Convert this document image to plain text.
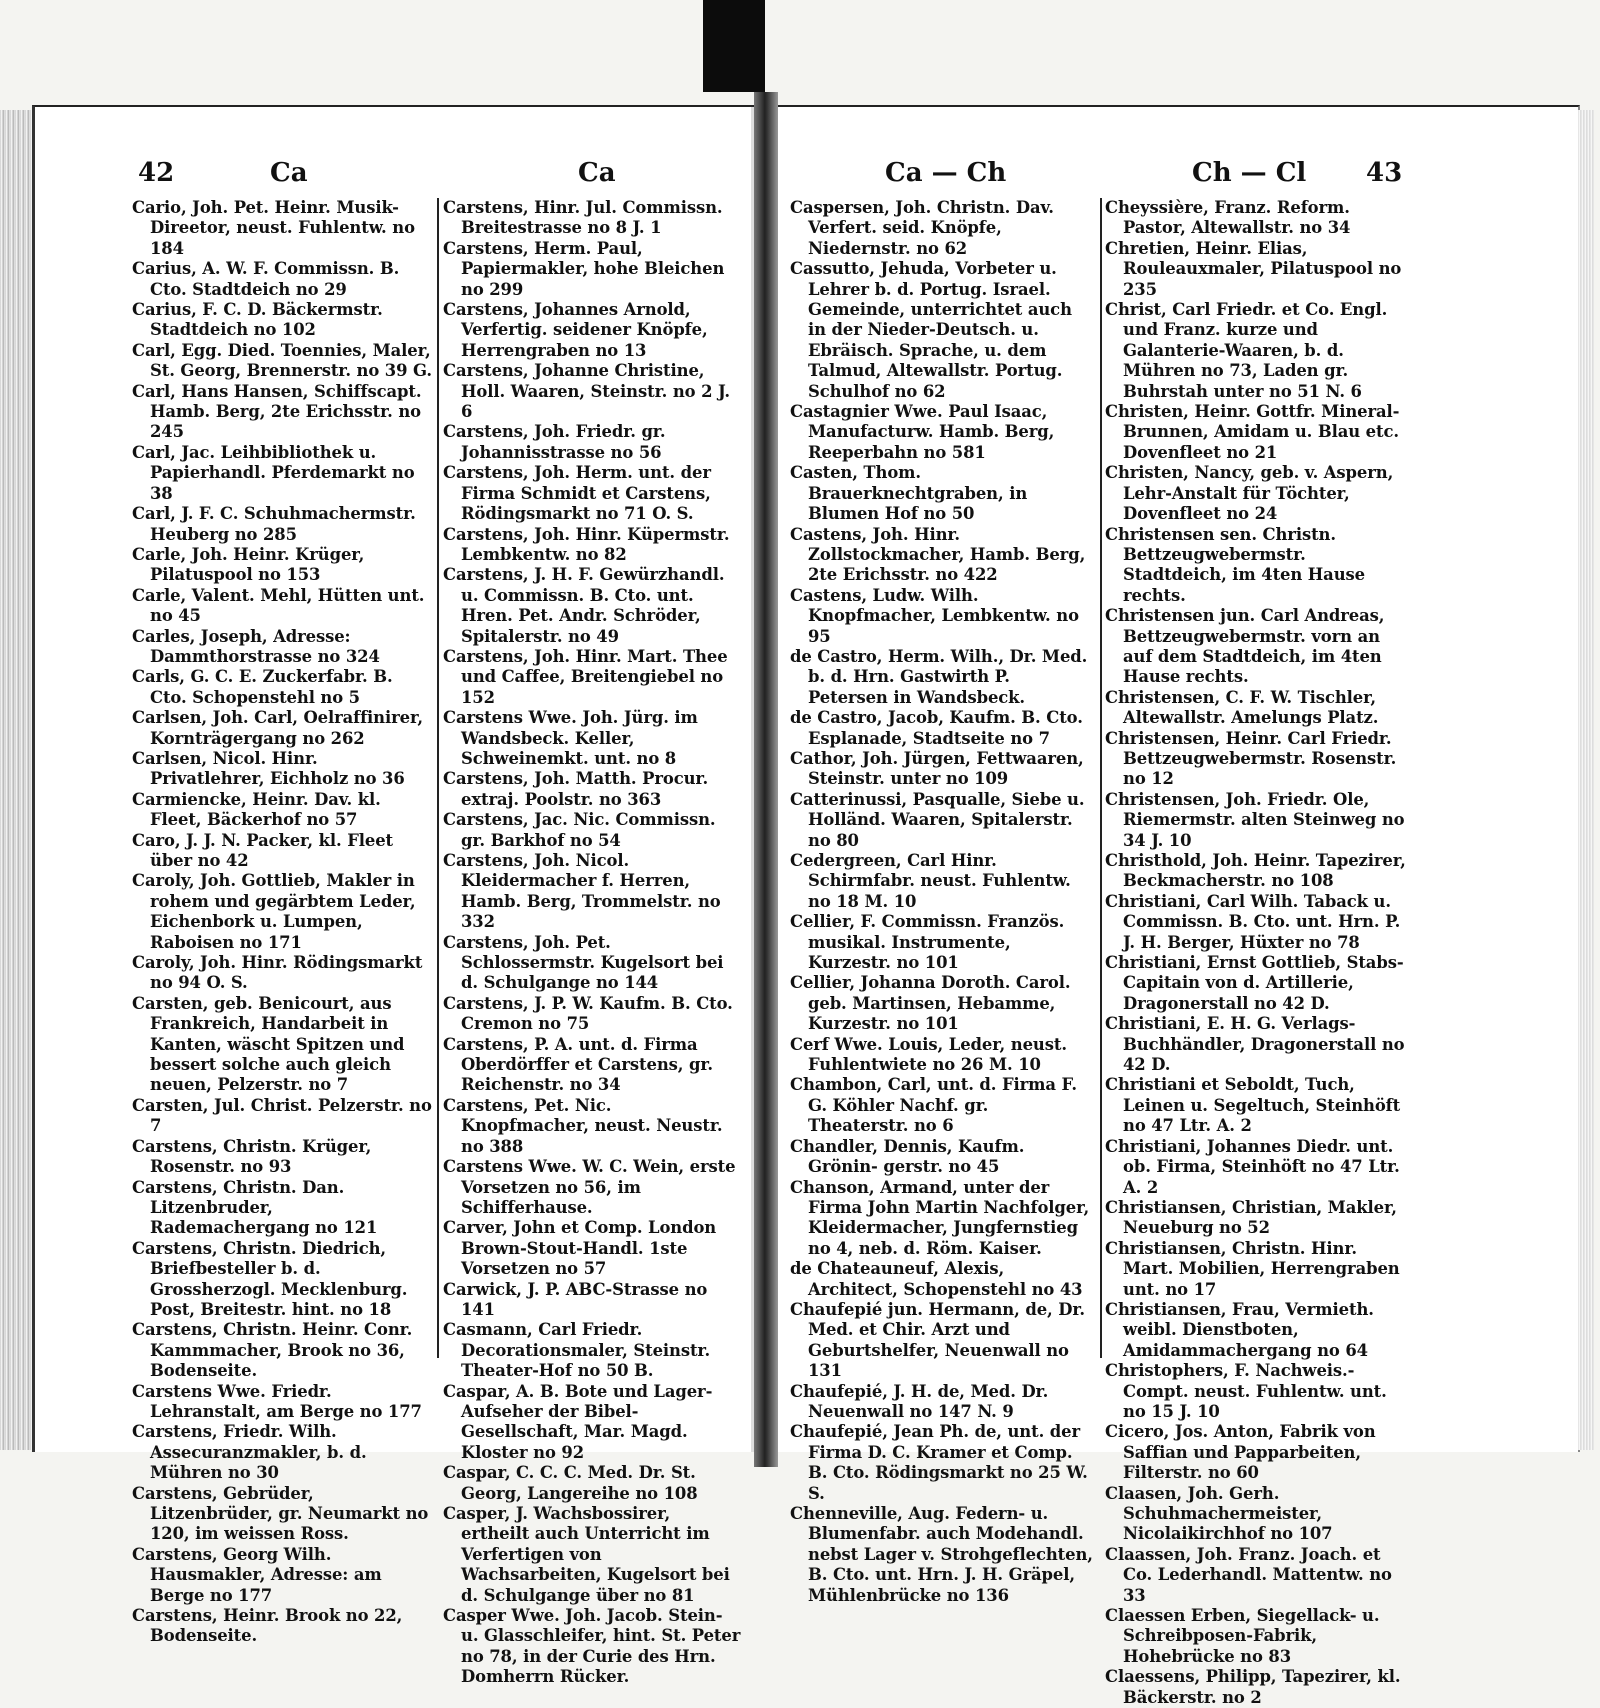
42	Ca	Ca	Ca — Ch	Ch — Cl 43

Cario, Joh. Pet. Heinr. Musik-Direetor, neust. Fuhlentw. no 184

Carius, A. W. F. Commissn. B. Cto. Stadtdeich no 29

Carius, F. C. D. Bäckermstr. Stadtdeich no 102

Carl, Egg. Died. Toennies, Maler, St. Georg, Brennerstr. no 39 G.

Carl, Hans Hansen, Schiffscapt. Hamb. Berg, 2te Erichsstr. no 245

Carl, Jac. Leihbibliothek u. Papierhandl. Pferdemarkt no 38

Carl, J. F. C. Schuhmachermstr. Heuberg no 285

Carle, Joh. Heinr. Krüger, Pilatuspool no 153

Carle, Valent. Mehl, Hütten unt. no 45

Carles, Joseph, Adresse: Dammthorstrasse no 324

Carls, G. C. E. Zuckerfabr. B. Cto. Schopenstehl no 5

Carlsen, Joh. Carl, Oelraffinirer, Kornträgergang no 262

Carlsen, Nicol. Hinr. Privatlehrer, Eichholz no 36

Carmiencke, Heinr. Dav. kl. Fleet, Bäckerhof no 57

Caro, J. J. N. Packer, kl. Fleet über no 42

Caroly, Joh. Gottlieb, Makler in rohem und gegärbtem Leder, Eichenbork u. Lumpen, Raboisen no 171

Caroly, Joh. Hinr. Rödingsmarkt no 94 O. S.

Carsten, geb. Benicourt, aus Frankreich, Handarbeit in Kanten, wäscht Spitzen und bessert solche auch gleich neuen, Pelzerstr. no 7

Carsten, Jul. Christ. Pelzerstr. no 7

Carstens, Christn. Krüger, Rosenstr. no 93

Carstens, Christn. Dan. Litzenbruder, Rademachergang no 121

Carstens, Christn. Diedrich, Briefbesteller b. d. Grossherzogl. Mecklenburg. Post, Breitestr. hint. no 18

Carstens, Christn. Heinr. Conr. Kammmacher, Brook no 36, Bodenseite.

Carstens Wwe. Friedr. Lehranstalt, am Berge no 177

Carstens, Friedr. Wilh. Assecuranzmakler, b. d. Mühren no 30

Carstens, Gebrüder, Litzenbrüder, gr. Neumarkt no 120, im weissen Ross.

Carstens, Georg Wilh. Hausmakler, Adresse: am Berge no 177

Carstens, Heinr. Brook no 22, Bodenseite.

Carstens, Hinr. Jul. Commissn. Breitestrasse no 8 J. 1

Carstens, Herm. Paul, Papiermakler, hohe Bleichen no 299

Carstens, Johannes Arnold, Verfertig. seidener Knöpfe, Herrengraben no 13

Carstens, Johanne Christine, Holl. Waaren, Steinstr. no 2 J. 6

Carstens, Joh. Friedr. gr. Johannisstrasse no 56

Carstens, Joh. Herm. unt. der Firma Schmidt et Carstens, Rödingsmarkt no 71 O. S.

Carstens, Joh. Hinr. Küpermstr. Lembkentw. no 82

Carstens, J. H. F. Gewürzhandl. u. Commissn. B. Cto. unt. Hren. Pet. Andr. Schröder, Spitalerstr. no 49

Carstens, Joh. Hinr. Mart. Thee und Caffee, Breitengiebel no 152

Carstens Wwe. Joh. Jürg. im Wandsbeck. Keller, Schweinemkt. unt. no 8

Carstens, Joh. Matth. Procur. extraj. Poolstr. no 363

Carstens, Jac. Nic. Commissn. gr. Barkhof no 54

Carstens, Joh. Nicol. Kleidermacher f. Herren, Hamb. Berg, Trommelstr. no 332

Carstens, Joh. Pet. Schlossermstr. Kugelsort bei d. Schulgange no 144

Carstens, J. P. W. Kaufm. B. Cto. Cremon no 75

Carstens, P. A. unt. d. Firma Oberdörffer et Carstens, gr. Reichenstr. no 34

Carstens, Pet. Nic. Knopfmacher, neust. Neustr. no 388

Carstens Wwe. W. C. Wein, erste Vorsetzen no 56, im Schifferhause.

Carver, John et Comp. London Brown-Stout-Handl. 1ste Vorsetzen no 57

Carwick, J. P. ABC-Strasse no 141

Casmann, Carl Friedr. Decorationsmaler, Steinstr. Theater-Hof no 50 B.

Caspar, A. B. Bote und Lager-Aufseher der Bibel-Gesellschaft, Mar. Magd. Kloster no 92

Caspar, C. C. C. Med. Dr. St. Georg, Langereihe no 108

Casper, J. Wachsbossirer, ertheilt auch Unterricht im Verfertigen von Wachsarbeiten, Kugelsort bei d. Schulgange über no 81

Casper Wwe. Joh. Jacob. Stein- u. Glasschleifer, hint. St. Peter no 78, in der Curie des Hrn. Domherrn Rücker.

Caspersen, Joh. Christn. Dav. Verfert. seid. Knöpfe, Niedernstr. no 62

Cassutto, Jehuda, Vorbeter u. Lehrer b. d. Portug. Israel. Gemeinde, unterrichtet auch in der Nieder-Deutsch. u. Ebräisch. Sprache, u. dem Talmud, Altewallstr. Portug. Schulhof no 62

Castagnier Wwe. Paul Isaac, Manufacturw. Hamb. Berg, Reeperbahn no 581

Casten, Thom. Brauerknechtgraben, in Blumen Hof no 50

Castens, Joh. Hinr. Zollstockmacher, Hamb. Berg, 2te Erichsstr. no 422

Castens, Ludw. Wilh. Knopfmacher, Lembkentw. no 95

de Castro, Herm. Wilh., Dr. Med. b. d. Hrn. Gastwirth P. Petersen in Wandsbeck.

de Castro, Jacob, Kaufm. B. Cto. Esplanade, Stadtseite no 7

Cathor, Joh. Jürgen, Fettwaaren, Steinstr. unter no 109

Catterinussi, Pasqualle, Siebe u. Holländ. Waaren, Spitalerstr. no 80

Cedergreen, Carl Hinr. Schirmfabr. neust. Fuhlentw. no 18 M. 10

Cellier, F. Commissn. Französ. musikal. Instrumente, Kurzestr. no 101

Cellier, Johanna Doroth. Carol. geb. Martinsen, Hebamme, Kurzestr. no 101

Cerf Wwe. Louis, Leder, neust. Fuhlentwiete no 26 M. 10

Chambon, Carl, unt. d. Firma F. G. Köhler Nachf. gr. Theaterstr. no 6

Chandler, Dennis, Kaufm. Grönin- gerstr. no 45

Chanson, Armand, unter der Firma John Martin Nachfolger, Kleidermacher, Jungfernstieg no 4, neb. d. Röm. Kaiser.

de Chateauneuf, Alexis, Architect, Schopenstehl no 43

Chaufepié jun. Hermann, de, Dr. Med. et Chir. Arzt und Geburtshelfer, Neuenwall no 131

Chaufepié, J. H. de, Med. Dr. Neuenwall no 147 N. 9

Chaufepié, Jean Ph. de, unt. der Firma D. C. Kramer et Comp. B. Cto. Rödingsmarkt no 25 W. S.

Chenneville, Aug. Federn- u. Blumenfabr. auch Modehandl. nebst Lager v. Strohgeflechten, B. Cto. unt. Hrn. J. H. Gräpel, Mühlenbrücke no 136

Cheyssière, Franz. Reform. Pastor, Altewallstr. no 34

Chretien, Heinr. Elias, Rouleauxmaler, Pilatuspool no 235

Christ, Carl Friedr. et Co. Engl. und Franz. kurze und Galanterie-Waaren, b. d. Mühren no 73, Laden gr. Buhrstah unter no 51 N. 6

Christen, Heinr. Gottfr. Mineral-Brunnen, Amidam u. Blau etc. Dovenfleet no 21

Christen, Nancy, geb. v. Aspern, Lehr-Anstalt für Töchter, Dovenfleet no 24

Christensen sen. Christn. Bettzeugwebermstr. Stadtdeich, im 4ten Hause rechts.

Christensen jun. Carl Andreas, Bettzeugwebermstr. vorn an auf dem Stadtdeich, im 4ten Hause rechts.

Christensen, C. F. W. Tischler, Altewallstr. Amelungs Platz.

Christensen, Heinr. Carl Friedr. Bettzeugwebermstr. Rosenstr. no 12

Christensen, Joh. Friedr. Ole, Riemermstr. alten Steinweg no 34 J. 10

Christhold, Joh. Heinr. Tapezirer, Beckmacherstr. no 108

Christiani, Carl Wilh. Taback u. Commissn. B. Cto. unt. Hrn. P. J. H. Berger, Hüxter no 78

Christiani, Ernst Gottlieb, Stabs-Capitain von d. Artillerie, Dragonerstall no 42 D.

Christiani, E. H. G. Verlags-Buchhändler, Dragonerstall no 42 D.

Christiani et Seboldt, Tuch, Leinen u. Segeltuch, Steinhöft no 47 Ltr. A. 2

Christiani, Johannes Diedr. unt. ob. Firma, Steinhöft no 47 Ltr. A. 2

Christiansen, Christian, Makler, Neueburg no 52

Christiansen, Christn. Hinr. Mart. Mobilien, Herrengraben unt. no 17

Christiansen, Frau, Vermieth. weibl. Dienstboten, Amidammachergang no 64

Christophers, F. Nachweis.-Compt. neust. Fuhlentw. unt. no 15 J. 10

Cicero, Jos. Anton, Fabrik von Saffian und Papparbeiten, Filterstr. no 60

Claasen, Joh. Gerh. Schuhmachermeister, Nicolaikirchhof no 107

Claassen, Joh. Franz. Joach. et Co. Lederhandl. Mattentw. no 33

Claessen Erben, Siegellack- u. Schreibposen-Fabrik, Hohebrücke no 83

Claessens, Philipp, Tapezirer, kl. Bäckerstr. no 2
